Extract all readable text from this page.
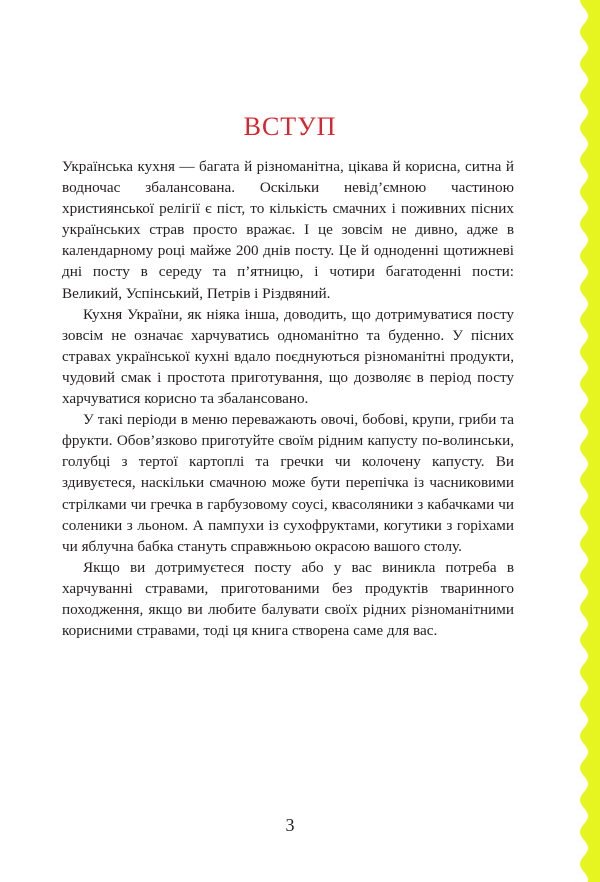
ВСТУП

Українська кухня — багата й різноманітна, цікава й корисна, ситна й водночас збалансована. Оскільки невід’ємною частиною християнської релігії є піст, то кількість смачних і поживних пісних українських страв просто вражає. І це зовсім не дивно, адже в календарному році майже 200 днів посту. Це й одноденні щотижневі дні посту в середу та п’ятницю, і чотири багатоденні пости: Великий, Успінський, Петрів і Різдвяний.

Кухня України, як ніяка інша, доводить, що дотримуватися посту зовсім не означає харчуватись одноманітно та буденно. У пісних стравах української кухні вдало поєднуються різноманітні продукти, чудовий смак і простота приготування, що дозволяє в період посту харчуватися корисно та збалансовано.

У такі періоди в меню переважають овочі, бобові, крупи, гриби та фрукти. Обов’язково приготуйте своїм рідним капусту по-волинськи, голубці з тертої картоплі та гречки чи колочену капусту. Ви здивуєтеся, наскільки смачною може бути перепічка із часниковими стрілками чи гречка в гарбузовому соусі, квасоляники з кабачками чи соленики з льоном. А пампухи із сухофруктами, когутики з горіхами чи яблучна бабка стануть справжньою окрасою вашого столу.

Якщо ви дотримуєтеся посту або у вас виникла потреба в харчуванні стравами, приготованими без продуктів тваринного походження, якщо ви любите балувати своїх рідних різноманітними корисними стравами, тоді ця книга створена саме для вас.

3
